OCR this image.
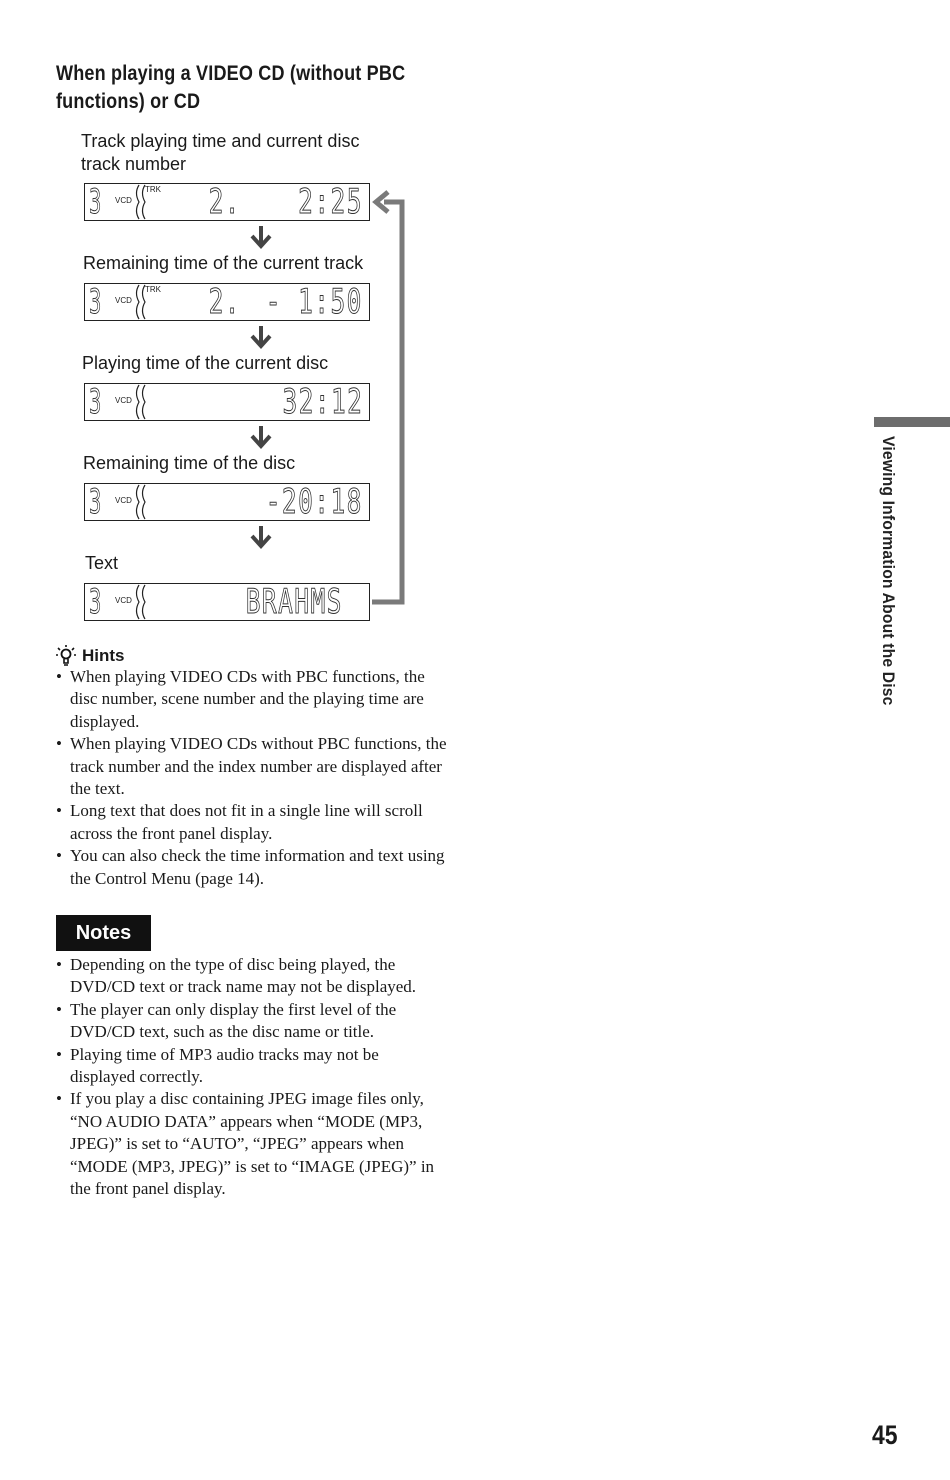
When playing a VIDEO CD (without PBC
functions) or CD
Track playing time and current disc
track number
3 VCD
TRK 2. 2:25
Remaining time of the current track
3 VCD
TRK 2. - 1:50
Playing time of the current disc
3 VCD	32:12
Remaining time of the disc
3 VCD	-20:18
Text
3 VCD	BRAHMS
Hints
• When playing VIDEO CDs with PBC functions, the disc number, scene number and the playing time are displayed.
• When playing VIDEO CDs without PBC functions, the track number and the index number are displayed after the text.
• Long text that does not fit in a single line will scroll across the front panel display.
• You can also check the time information and text using the Control Menu (page 14).
Notes
• Depending on the type of disc being played, the DVD/CD text or track name may not be displayed.
• The player can only display the first level of the DVD/CD text, such as the disc name or title.
• Playing time of MP3 audio tracks may not be displayed correctly.
• If you play a disc containing JPEG image files only, “NO AUDIO DATA” appears when “MODE (MP3, JPEG)” is set to “AUTO”, “JPEG” appears when “MODE (MP3, JPEG)” is set to “IMAGE (JPEG)” in the front panel display.
Viewing Information About the Disc
45
